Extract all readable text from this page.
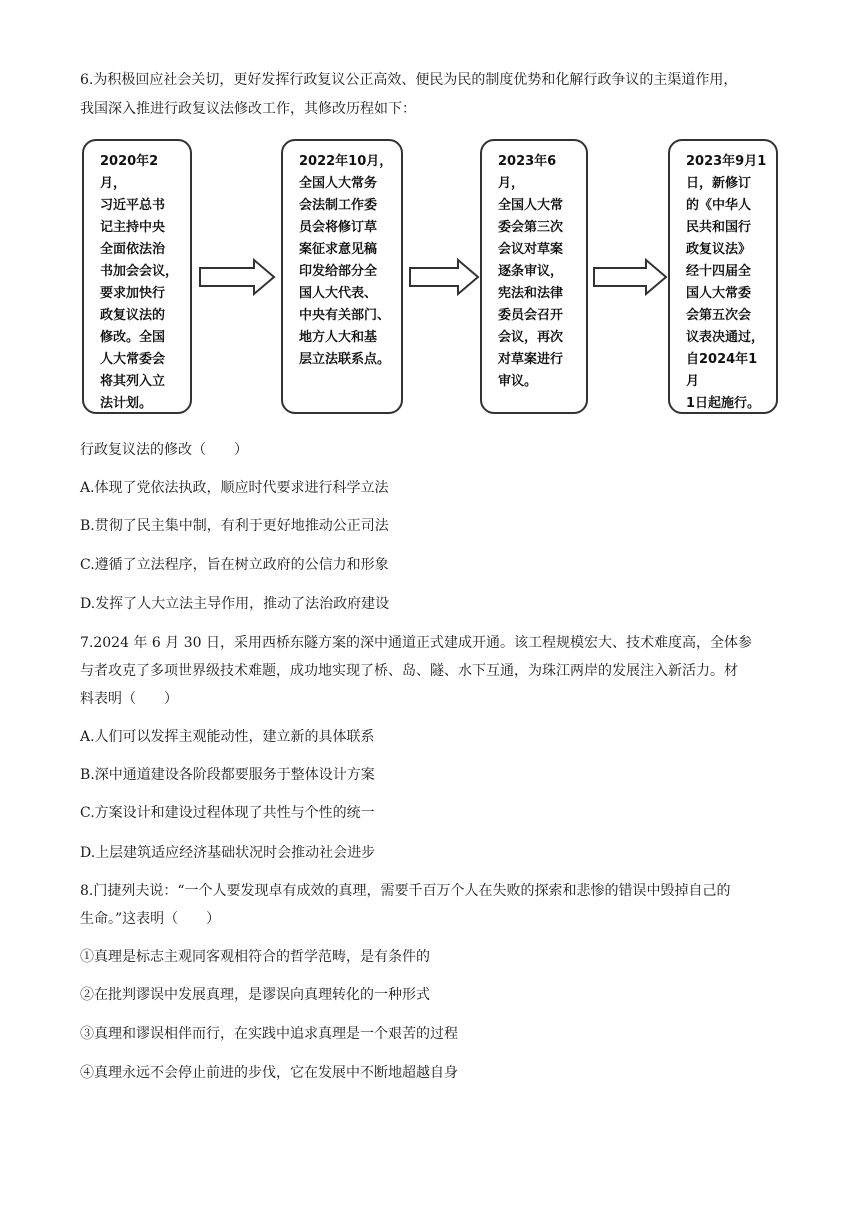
6.为积极回应社会关切，更好发挥行政复议公正高效、便民为民的制度优势和化解行政争议的主渠道作用，
我国深入推进行政复议法修改工作，其修改历程如下：
2020年2月，
习近平总书
记主持中央
全面依法治
书加会会议，
要求加快行
政复议法的
修改。全国
人大常委会
将其列入立
法计划。
2022年10月，
全国人大常务
会法制工作委
员会将修订草
案征求意见稿
印发给部分全
国人大代表、
中央有关部门、
地方人大和基
层立法联系点。
2023年6月，
全国人大常
委会第三次
会议对草案
逐条审议，
宪法和法律
委员会召开
会议，再次
对草案进行
审议。
2023年9月1
日，新修订
的《中华人
民共和国行
政复议法》
经十四届全
国人大常委
会第五次会
议表决通过，
自2024年1月
1日起施行。
行政复议法的修改（　　）
A.体现了党依法执政，顺应时代要求进行科学立法
B.贯彻了民主集中制，有利于更好地推动公正司法
C.遵循了立法程序，旨在树立政府的公信力和形象
D.发挥了人大立法主导作用，推动了法治政府建设
7.2024 年 6 月 30 日，采用西桥东隧方案的深中通道正式建成开通。该工程规模宏大、技术难度高，全体参
与者攻克了多项世界级技术难题，成功地实现了桥、岛、隧、水下互通，为珠江两岸的发展注入新活力。材
料表明（　　）
A.人们可以发挥主观能动性，建立新的具体联系
B.深中通道建设各阶段都要服务于整体设计方案
C.方案设计和建设过程体现了共性与个性的统一
D.上层建筑适应经济基础状况时会推动社会进步
8.门捷列夫说：“一个人要发现卓有成效的真理，需要千百万个人在失败的探索和悲惨的错误中毁掉自己的
生命。”这表明（　　）
①真理是标志主观同客观相符合的哲学范畴，是有条件的
②在批判谬误中发展真理，是谬误向真理转化的一种形式
③真理和谬误相伴而行，在实践中追求真理是一个艰苦的过程
④真理永远不会停止前进的步伐，它在发展中不断地超越自身
